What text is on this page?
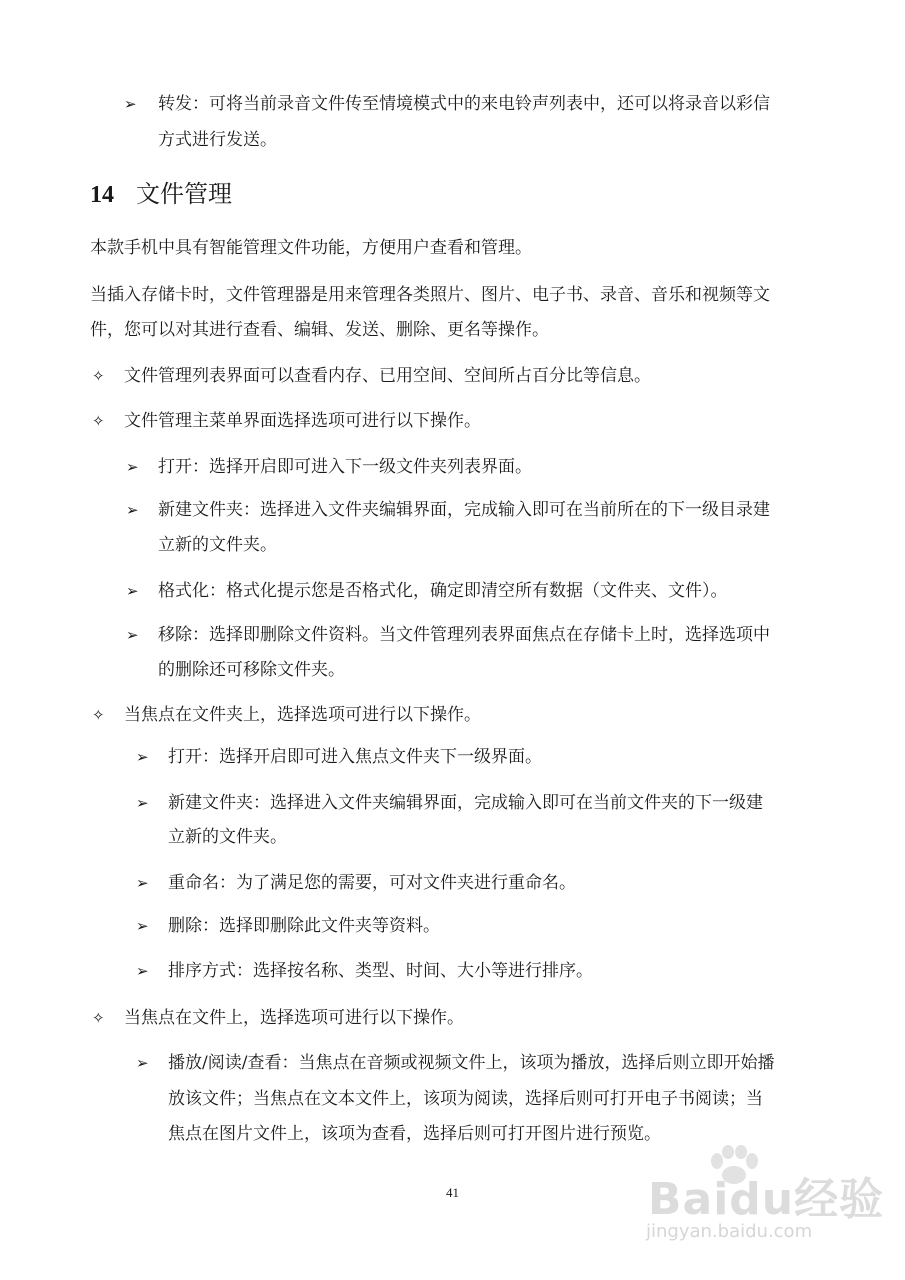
➢ 转发：可将当前录音文件传至情境模式中的来电铃声列表中，还可以将录音以彩信
方式进行发送。
14 文件管理
本款手机中具有智能管理文件功能，方便用户查看和管理。
当插入存储卡时，文件管理器是用来管理各类照片、图片、电子书、录音、音乐和视频等文
件，您可以对其进行查看、编辑、发送、删除、更名等操作。
✧ 文件管理列表界面可以查看内存、已用空间、空间所占百分比等信息。
✧ 文件管理主菜单界面选择选项可进行以下操作。
➢ 打开：选择开启即可进入下一级文件夹列表界面。
➢ 新建文件夹：选择进入文件夹编辑界面，完成输入即可在当前所在的下一级目录建
立新的文件夹。
➢ 格式化：格式化提示您是否格式化，确定即清空所有数据（文件夹、文件）。
➢ 移除：选择即删除文件资料。当文件管理列表界面焦点在存储卡上时，选择选项中
的删除还可移除文件夹。
✧ 当焦点在文件夹上，选择选项可进行以下操作。
➢ 打开：选择开启即可进入焦点文件夹下一级界面。
➢ 新建文件夹：选择进入文件夹编辑界面，完成输入即可在当前文件夹的下一级建
立新的文件夹。
➢ 重命名：为了满足您的需要，可对文件夹进行重命名。
➢ 删除：选择即删除此文件夹等资料。
➢ 排序方式：选择按名称、类型、时间、大小等进行排序。
✧ 当焦点在文件上，选择选项可进行以下操作。
➢ 播放/阅读/查看：当焦点在音频或视频文件上，该项为播放，选择后则立即开始播
放该文件；当焦点在文本文件上，该项为阅读，选择后则可打开电子书阅读；当
焦点在图片文件上，该项为查看，选择后则可打开图片进行预览。
41	Baidu经验
jingyan.baidu.com
